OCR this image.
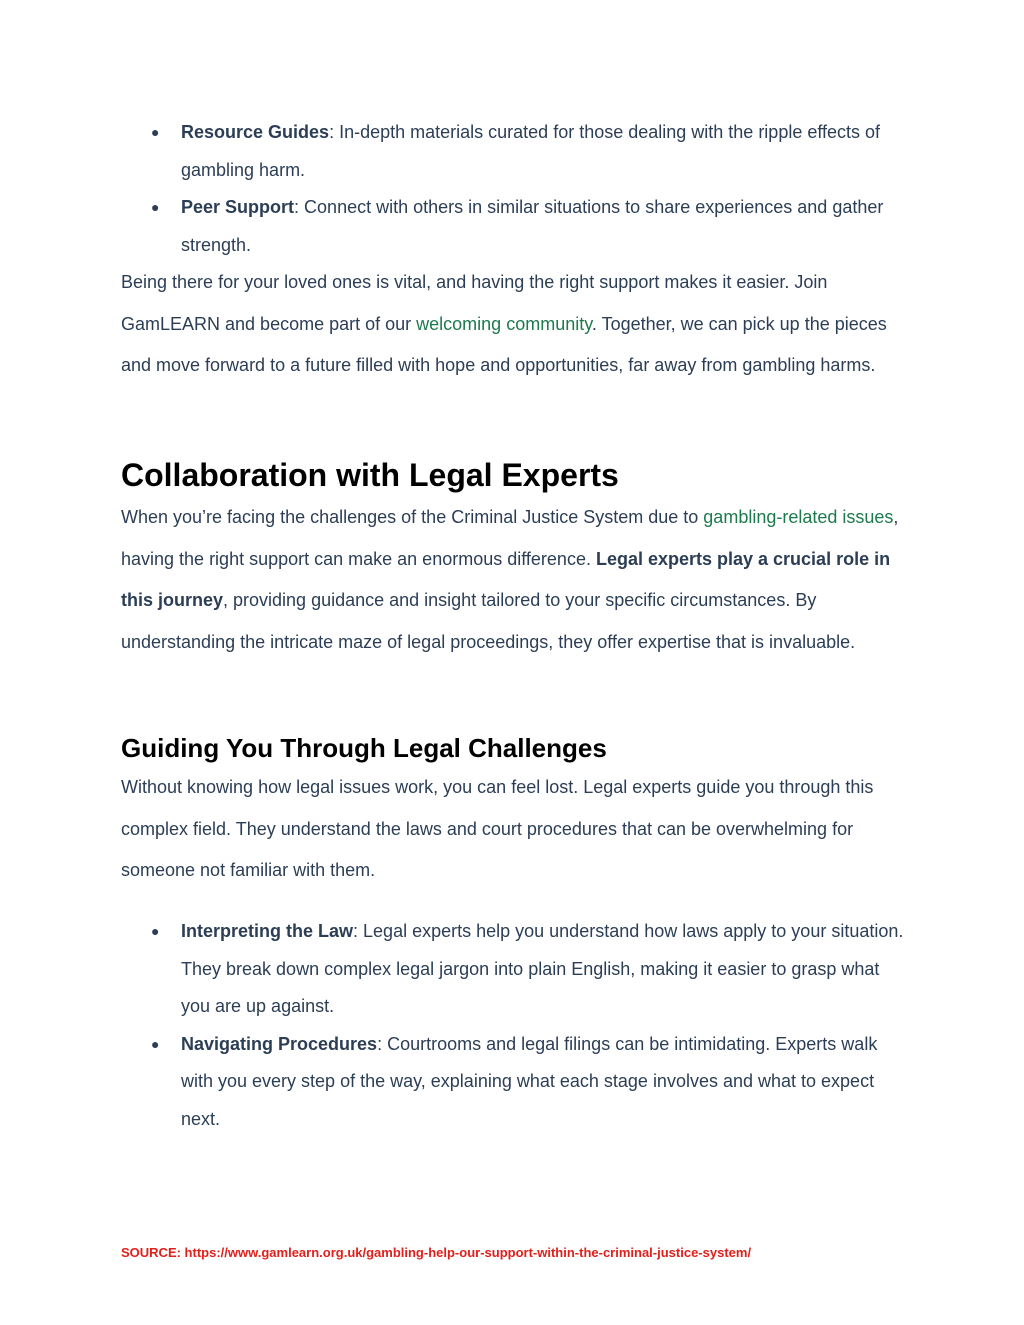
● Resource Guides: In-depth materials curated for those dealing with the ripple effects of gambling harm.
● Peer Support: Connect with others in similar situations to share experiences and gather strength.

Being there for your loved ones is vital, and having the right support makes it easier. Join GamLEARN and become part of our welcoming community. Together, we can pick up the pieces and move forward to a future filled with hope and opportunities, far away from gambling harms.

Collaboration with Legal Experts

When you’re facing the challenges of the Criminal Justice System due to gambling-related issues, having the right support can make an enormous difference. Legal experts play a crucial role in this journey, providing guidance and insight tailored to your specific circumstances. By understanding the intricate maze of legal proceedings, they offer expertise that is invaluable.

Guiding You Through Legal Challenges

Without knowing how legal issues work, you can feel lost. Legal experts guide you through this complex field. They understand the laws and court procedures that can be overwhelming for someone not familiar with them.

● Interpreting the Law: Legal experts help you understand how laws apply to your situation. They break down complex legal jargon into plain English, making it easier to grasp what you are up against.
● Navigating Procedures: Courtrooms and legal filings can be intimidating. Experts walk with you every step of the way, explaining what each stage involves and what to expect next.
SOURCE: https://www.gamlearn.org.uk/gambling-help-our-support-within-the-criminal-justice-system/
